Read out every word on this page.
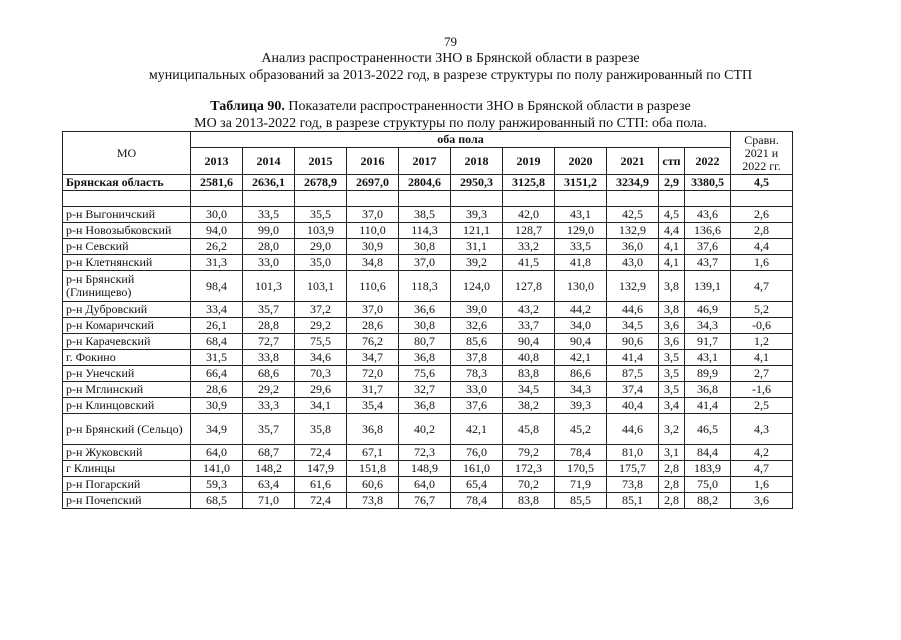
79
Анализ распространенности ЗНО в Брянской области в разрезе
муниципальных образований за 2013-2022 год, в разрезе структуры по полу ранжированный по СТП
Таблица 90. Показатели распространенности ЗНО в Брянской области в разрезе
МО за 2013-2022 год, в разрезе структуры по полу ранжированный по СТП: оба пола.
МО	оба пола											Сравн. 2021 и 2022 гг.
	2013	2014	2015	2016	2017	2018	2019	2020	2021	стп	2022	
Брянская область	2581,6	2636,1	2678,9	2697,0	2804,6	2950,3	3125,8	3151,2	3234,9	2,9	3380,5	4,5

р-н Выгоничский	30,0	33,5	35,5	37,0	38,5	39,3	42,0	43,1	42,5	4,5	43,6	2,6
р-н Новозыбковский	94,0	99,0	103,9	110,0	114,3	121,1	128,7	129,0	132,9	4,4	136,6	2,8
р-н Севский	26,2	28,0	29,0	30,9	30,8	31,1	33,2	33,5	36,0	4,1	37,6	4,4
р-н Клетнянский	31,3	33,0	35,0	34,8	37,0	39,2	41,5	41,8	43,0	4,1	43,7	1,6
р-н Брянский (Глинищево)	98,4	101,3	103,1	110,6	118,3	124,0	127,8	130,0	132,9	3,8	139,1	4,7
р-н Дубровский	33,4	35,7	37,2	37,0	36,6	39,0	43,2	44,2	44,6	3,8	46,9	5,2
р-н Комаричский	26,1	28,8	29,2	28,6	30,8	32,6	33,7	34,0	34,5	3,6	34,3	-0,6
р-н Карачевский	68,4	72,7	75,5	76,2	80,7	85,6	90,4	90,4	90,6	3,6	91,7	1,2
г. Фокино	31,5	33,8	34,6	34,7	36,8	37,8	40,8	42,1	41,4	3,5	43,1	4,1
р-н Унечский	66,4	68,6	70,3	72,0	75,6	78,3	83,8	86,6	87,5	3,5	89,9	2,7
р-н Мглинский	28,6	29,2	29,6	31,7	32,7	33,0	34,5	34,3	37,4	3,5	36,8	-1,6
р-н Клинцовский	30,9	33,3	34,1	35,4	36,8	37,6	38,2	39,3	40,4	3,4	41,4	2,5
р-н Брянский (Сельцо)	34,9	35,7	35,8	36,8	40,2	42,1	45,8	45,2	44,6	3,2	46,5	4,3
р-н Жуковский	64,0	68,7	72,4	67,1	72,3	76,0	79,2	78,4	81,0	3,1	84,4	4,2
г Клинцы	141,0	148,2	147,9	151,8	148,9	161,0	172,3	170,5	175,7	2,8	183,9	4,7
р-н Погарский	59,3	63,4	61,6	60,6	64,0	65,4	70,2	71,9	73,8	2,8	75,0	1,6
р-н Почепский	68,5	71,0	72,4	73,8	76,7	78,4	83,8	85,5	85,1	2,8	88,2	3,6
